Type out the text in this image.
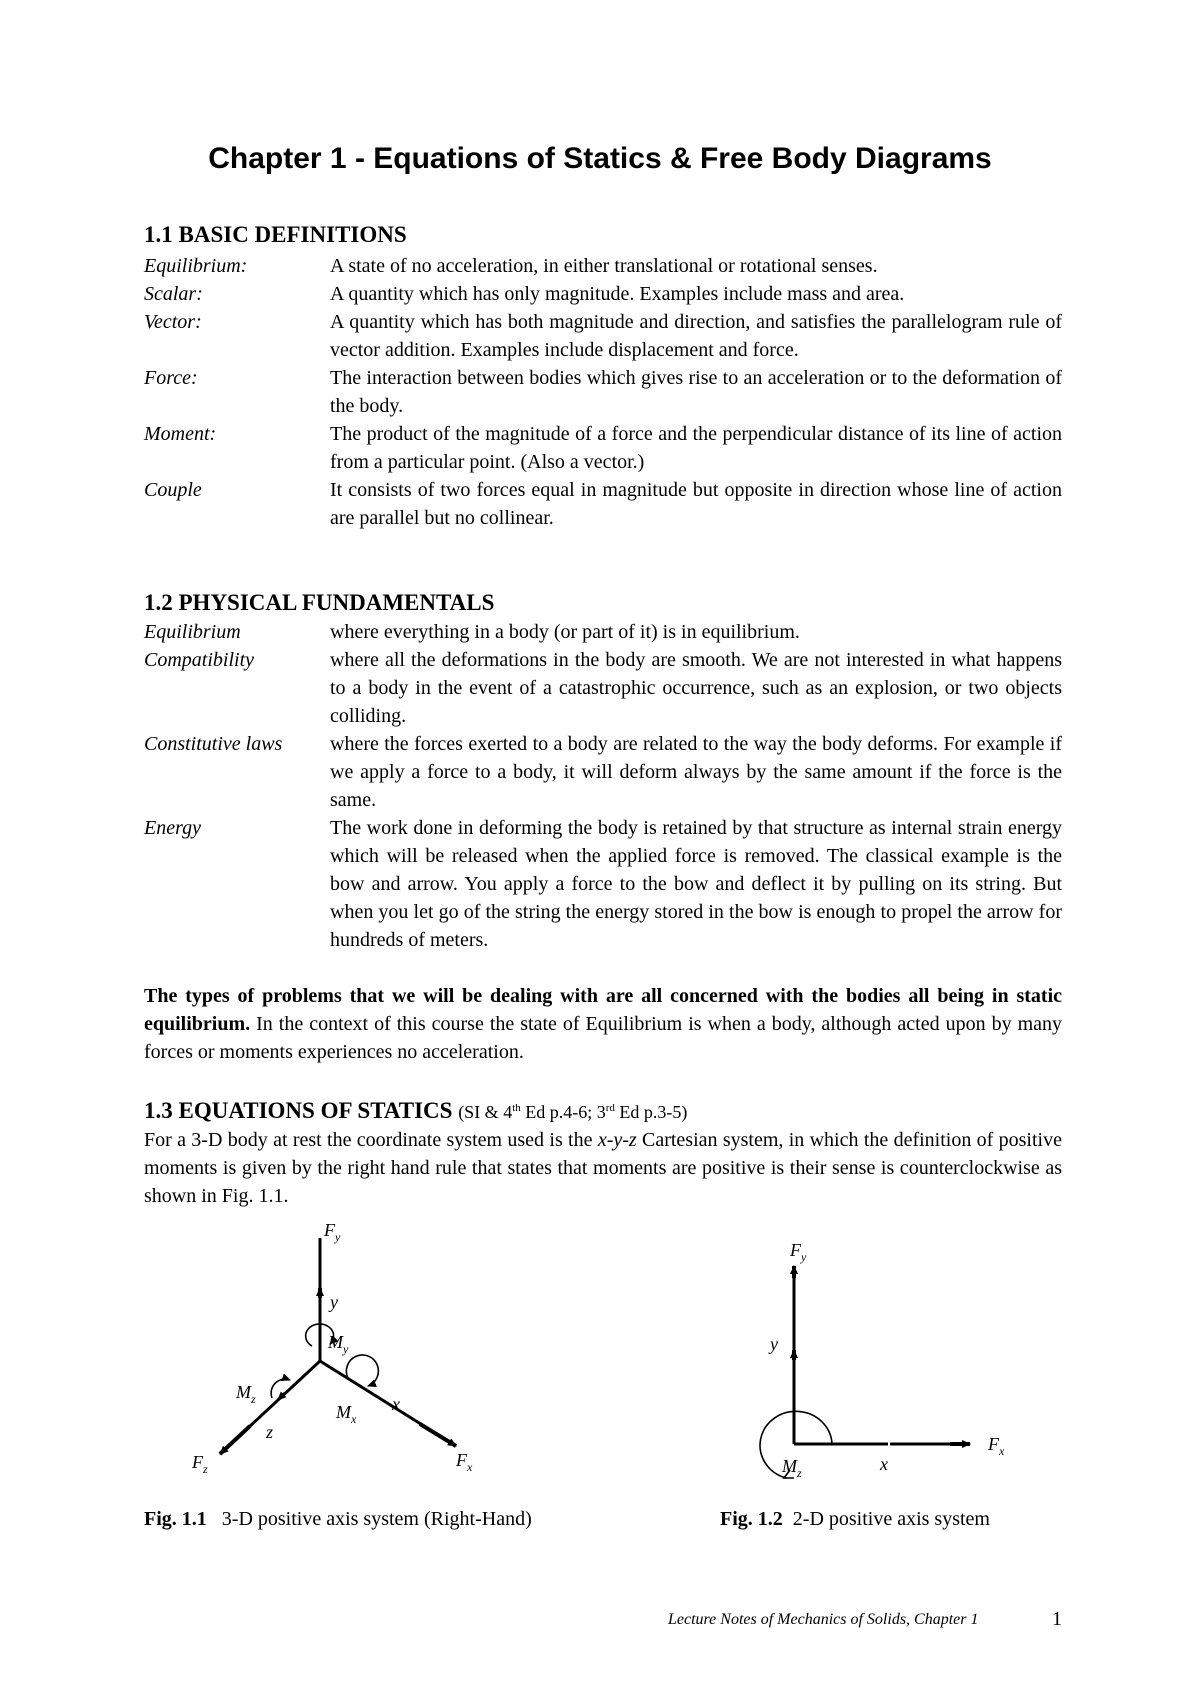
Chapter 1 - Equations of Statics & Free Body Diagrams
1.1 BASIC DEFINITIONS
Equilibrium:	A state of no acceleration, in either translational or rotational senses.
Scalar:	A quantity which has only magnitude. Examples include mass and area.
Vector:	A quantity which has both magnitude and direction, and satisfies the parallelogram rule of vector addition. Examples include displacement and force.
Force:	The interaction between bodies which gives rise to an acceleration or to the deformation of the body.
Moment:	The product of the magnitude of a force and the perpendicular distance of its line of action from a particular point. (Also a vector.)
Couple	It consists of two forces equal in magnitude but opposite in direction whose line of action are parallel but no collinear.
1.2 PHYSICAL FUNDAMENTALS
Equilibrium	where everything in a body (or part of it) is in equilibrium.
Compatibility	where all the deformations in the body are smooth. We are not interested in what happens to a body in the event of a catastrophic occurrence, such as an explosion, or two objects colliding.
Constitutive laws	where the forces exerted to a body are related to the way the body deforms. For example if we apply a force to a body, it will deform always by the same amount if the force is the same.
Energy	The work done in deforming the body is retained by that structure as internal strain energy which will be released when the applied force is removed. The classical example is the bow and arrow. You apply a force to the bow and deflect it by pulling on its string. But when you let go of the string the energy stored in the bow is enough to propel the arrow for hundreds of meters.
The types of problems that we will be dealing with are all concerned with the bodies all being in static equilibrium. In the context of this course the state of Equilibrium is when a body, although acted upon by many forces or moments experiences no acceleration.
1.3 EQUATIONS OF STATICS (SI & 4th Ed p.4-6; 3rd Ed p.3-5)
For a 3-D body at rest the coordinate system used is the x-y-z Cartesian system, in which the definition of positive moments is given by the right hand rule that states that moments are positive is their sense is counterclockwise as shown in Fig. 1.1.
$F_y$
y
$M_y$
$M_z$
$M_x$
x
z
$F_z$	$F_x$
Fig. 1.1 3-D positive axis system (Right-Hand)
$F_y$
y
$M_z$	x
$F_x$
Fig. 1.2 2-D positive axis system
Lecture Notes of Mechanics of Solids, Chapter 1	1
